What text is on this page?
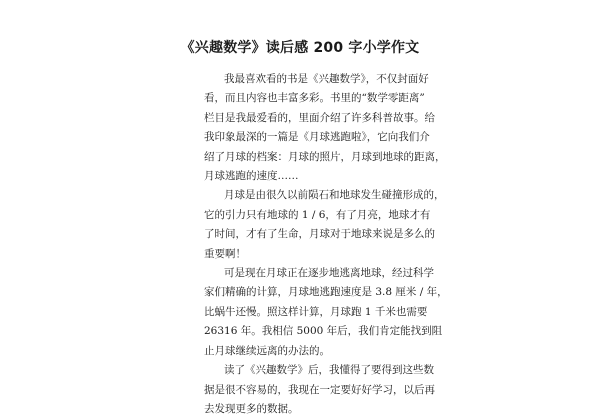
《兴趣数学》读后感 200 字小学作文

我最喜欢看的书是《兴趣数学》，不仅封面好
看，而且内容也丰富多彩。书里的“数学零距离”
栏目是我最爱看的，里面介绍了许多科普故事。给
我印象最深的一篇是《月球逃跑啦》，它向我们介
绍了月球的档案：月球的照片，月球到地球的距离，
月球逃跑的速度……

月球是由很久以前陨石和地球发生碰撞形成的，
它的引力只有地球的 1 / 6，有了月亮，地球才有
了时间，才有了生命，月球对于地球来说是多么的
重要啊！

可是现在月球正在逐步地逃离地球，经过科学
家们精确的计算，月球地逃跑速度是 3.8 厘米 / 年，
比蜗牛还慢。照这样计算，月球跑 1 千米也需要
26316 年。我相信 5000 年后，我们肯定能找到阻
止月球继续远离的办法的。

读了《兴趣数学》后，我懂得了要得到这些数
据是很不容易的，我现在一定要好好学习，以后再
去发现更多的数据。
